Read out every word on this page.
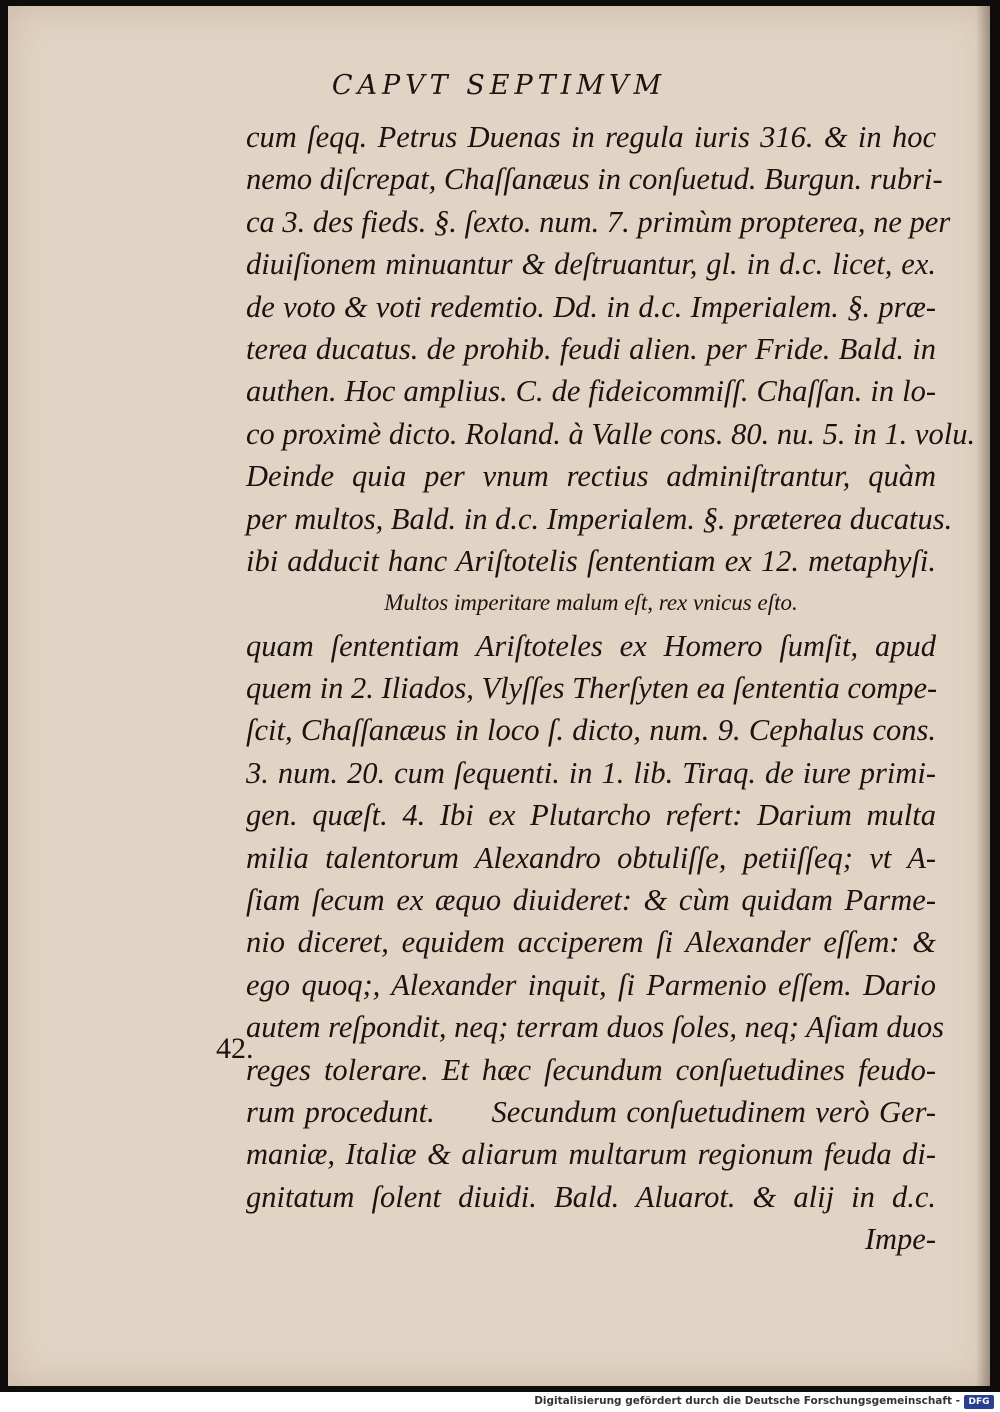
CAPVT SEPTIMVM
cum ſeqq. Petrus Duenas in regula iuris 316. & in hoc
nemo diſcrepat, Chaſſanæus in conſuetud. Burgun. rubri-
ca 3. des fieds. §. ſexto. num. 7. primùm propterea, ne per
diuiſionem minuantur & deſtruantur, gl. in d.c. licet, ex.
de voto & voti redemtio. Dd. in d.c. Imperialem. §. præ-
terea ducatus. de prohib. feudi alien. per Fride. Bald. in
authen. Hoc amplius. C. de fideicommiſſ. Chaſſan. in lo-
co proximè dicto. Roland. à Valle cons. 80. nu. 5. in 1. volu.
Deinde quia per vnum rectius adminiſtrantur, quàm
per multos, Bald. in d.c. Imperialem. §. præterea ducatus.
ibi adducit hanc Ariſtotelis ſententiam ex 12. metaphyſi.
Multos imperitare malum eſt, rex vnicus eſto.
quam ſententiam Ariſtoteles ex Homero ſumſit, apud
quem in 2. Iliados, Vlyſſes Therſyten ea ſententia compe-
ſcit, Chaſſanæus in loco ſ. dicto, num. 9. Cephalus cons.
3. num. 20. cum ſequenti. in 1. lib. Tiraq. de iure primi-
gen. quæſt. 4. Ibi ex Plutarcho refert: Darium multa
milia talentorum Alexandro obtuliſſe, petiiſſeq; vt A-
ſiam ſecum ex æquo diuideret: & cùm quidam Parme-
nio diceret, equidem acciperem ſi Alexander eſſem: &
ego quoq;, Alexander inquit, ſi Parmenio eſſem. Dario
autem reſpondit, neq; terram duos ſoles, neq; Aſiam duos
reges tolerare. Et hæc ſecundum conſuetudines feudo-
rum procedunt.      Secundum conſuetudinem verò Ger-
maniæ, Italiæ & aliarum multarum regionum feuda di-
gnitatum ſolent diuidi. Bald. Aluarot. & alij in d.c.
Impe-
42.
Digitalisierung gefördert durch die Deutsche Forschungsgemeinschaft - DFG
